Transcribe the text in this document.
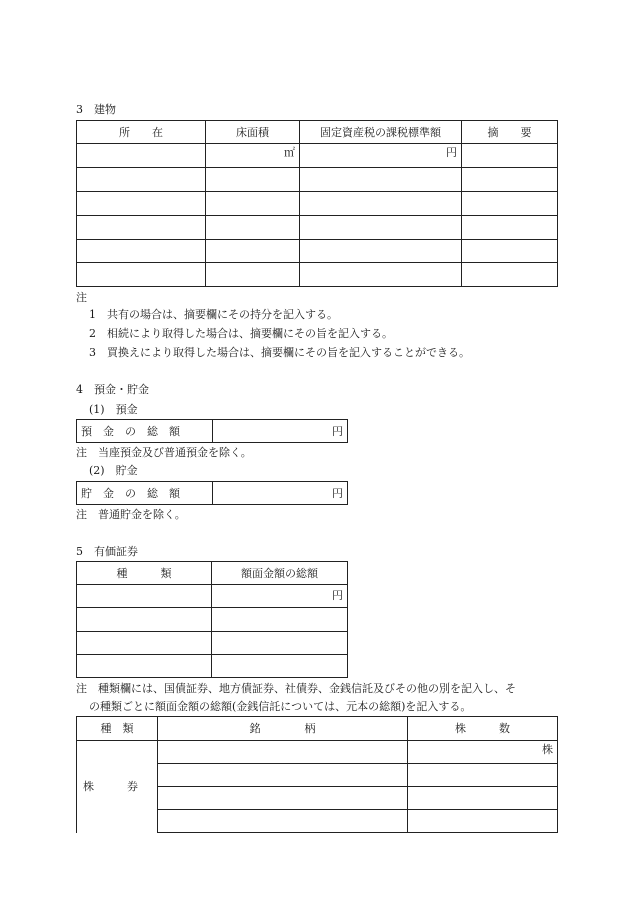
3　建物
所　　在	床面積	固定資産税の課税標準額	摘　　要
	㎡	円	

注
1　共有の場合は、摘要欄にその持分を記入する。
2　相続により取得した場合は、摘要欄にその旨を記入する。
3　買換えにより取得した場合は、摘要欄にその旨を記入することができる。
4　預金・貯金
(1)　預金
預　金　の　総　額	円
注　当座預金及び普通預金を除く。
(2)　貯金
貯　金　の　総　額	円
注　普通貯金を除く。
5　有価証券
種　　　類	額面金額の総額
	円

注　種類欄には、国債証券、地方債証券、社債券、金銭信託及びその他の別を記入し、そ
の種類ごとに額面金額の総額(金銭信託については、元本の総額)を記入する。
種　類	銘　　　　柄	株　　　数
株　　　券		株
